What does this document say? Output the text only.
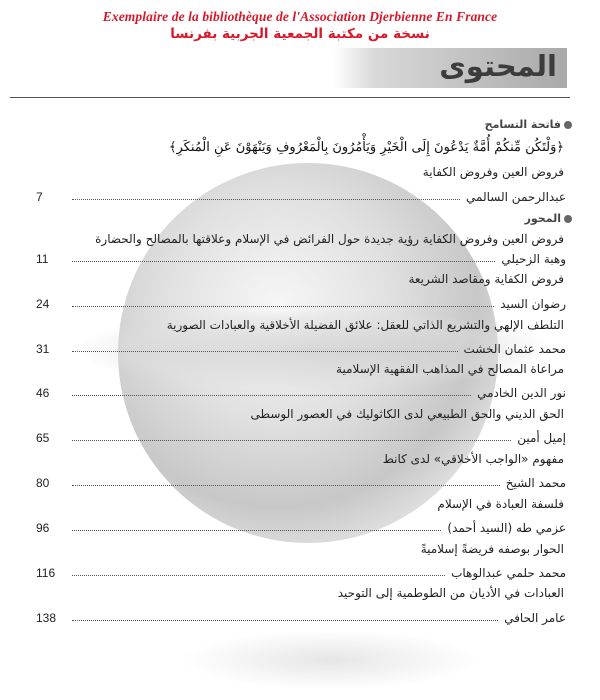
Exemplaire de la bibliothèque de l'Association Djerbienne En France
نسخة من مكتبة الجمعية الجربية بفرنسا
المحتوى
فاتحة التسامح
﴿وَلْتَكُن مِّنكُمْ أُمَّةٌ يَدْعُونَ إِلَى الْخَيْرِ وَيَأْمُرُونَ بِالْمَعْرُوفِ وَيَنْهَوْنَ عَنِ الْمُنكَرِ﴾
فروض العين وفروض الكفاية
7	عبدالرحمن السالمي
المحور
فروض العين وفروض الكفاية رؤية جديدة حول الفرائض في الإسلام وعلاقتها بالمصالح والحضارة
11	وهبة الزحيلي
فروض الكفاية ومقاصد الشريعة
24	رضوان السيد
التلطف الإلهي والتشريع الذاتي للعقل: علائق الفضيلة الأخلاقية والعبادات الصورية
31	محمد عثمان الخشت
مراعاة المصالح في المذاهب الفقهية الإسلامية
46	نور الدين الخادمي
الحق الديني والحق الطبيعي لدى الكاثوليك في العصور الوسطى
65	إميل أمين
مفهوم «الواجب الأخلاقي» لدى كانط
80	محمد الشيخ
فلسفة العبادة في الإسلام
96	عزمي طه (السيد أحمد)
الحوار بوصفه فريضةً إسلاميةً
116	محمد حلمي عبدالوهاب
العبادات في الأديان من الطوطمية إلى التوحيد
138	عامر الحافي
